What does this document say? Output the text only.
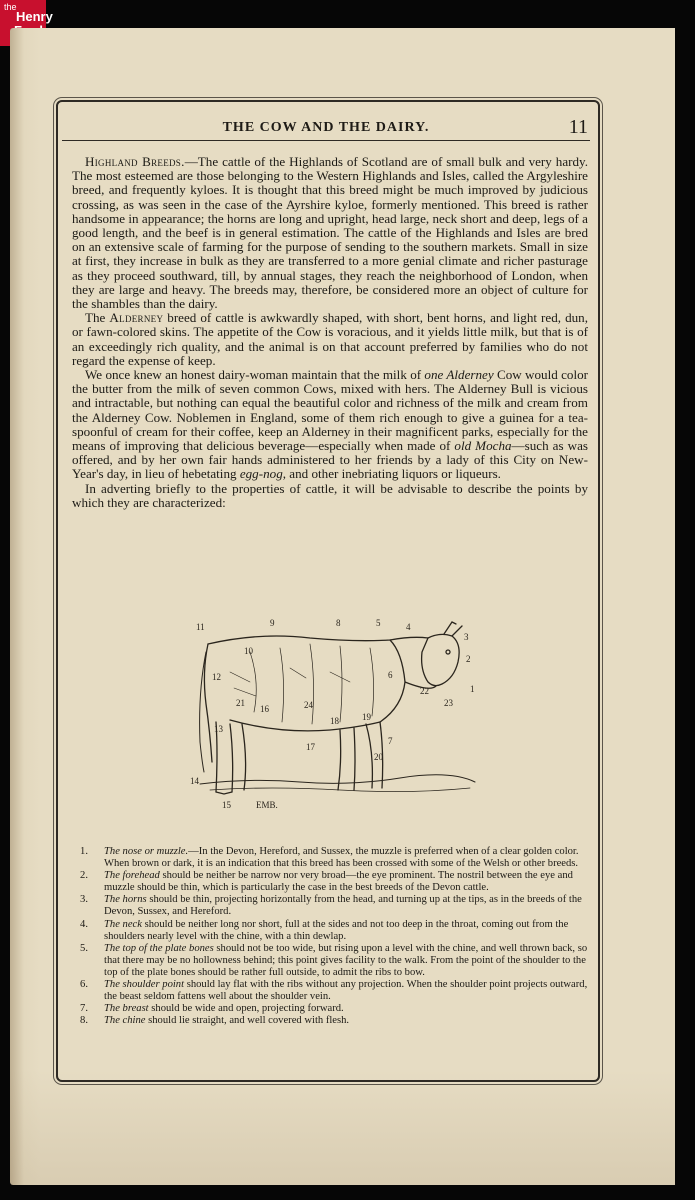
the
Henry
THE COW AND THE DAIRY.	11

Highland Breeds.—The cattle of the Highlands of Scotland are of small bulk and very hardy. The most esteemed are those belonging to the Western Highlands and Isles, called the Argyleshire breed, and frequently kyloes. It is thought that this breed might be much improved by judicious crossing, as was seen in the case of the Ayrshire kyloe, formerly mentioned. This breed is rather handsome in appearance; the horns are long and upright, head large, neck short and deep, legs of a good length, and the beef is in general estimation. The cattle of the Highlands and Isles are bred on an extensive scale of farming for the purpose of sending to the southern markets. Small in size at first, they increase in bulk as they are transferred to a more genial climate and richer pasturage as they proceed southward, till, by annual stages, they reach the neighborhood of London, when they are large and heavy. The breeds may, therefore, be considered more an object of culture for the shambles than the dairy.

The Alderney breed of cattle is awkwardly shaped, with short, bent horns, and light red, dun, or fawn-colored skins. The appetite of the Cow is voracious, and it yields little milk, but that is of an exceedingly rich quality, and the animal is on that account preferred by families who do not regard the expense of keep.

We once knew an honest dairy-woman maintain that the milk of one Alderney Cow would color the butter from the milk of seven common Cows, mixed with hers. The Alderney Bull is vicious and intractable, but nothing can equal the beautiful color and richness of the milk and cream from the Alderney Cow. Noblemen in England, some of them rich enough to give a guinea for a tea-spoonful of cream for their coffee, keep an Alderney in their magnificent parks, especially for the means of improving that delicious beverage—especially when made of old Mocha—such as was offered, and by her own fair hands administered to her friends by a lady of this City on New-Year's day, in lieu of hebetating egg-nog, and other inebriating liquors or liqueurs.

In adverting briefly to the properties of cattle, it will be advisable to describe the points by which they are characterized:

11	9	8	5	4
3
2
1
10
6
12
22
23
21
16	24
19
18
7
13
17
20
14
15	EMB.
1. The nose or muzzle.—In the Devon, Hereford, and Sussex, the muzzle is preferred when of a clear golden color. When brown or dark, it is an indication that this breed has been crossed with some of the Welsh or other breeds.
2. The forehead should be neither be narrow nor very broad—the eye prominent. The nostril between the eye and muzzle should be thin, which is particularly the case in the best breeds of the Devon cattle.
3. The horns should be thin, projecting horizontally from the head, and turning up at the tips, as in the breeds of the Devon, Sussex, and Hereford.
4. The neck should be neither long nor short, full at the sides and not too deep in the throat, coming out from the shoulders nearly level with the chine, with a thin dewlap.
5. The top of the plate bones should not be too wide, but rising upon a level with the chine, and well thrown back, so that there may be no hollowness behind; this point gives facility to the walk. From the point of the shoulder to the top of the plate bones should be rather full outside, to admit the ribs to bow.
6. The shoulder point should lay flat with the ribs without any projection. When the shoulder point projects outward, the beast seldom fattens well about the shoulder vein.
7. The breast should be wide and open, projecting forward.
8. The chine should lie straight, and well covered with flesh.
